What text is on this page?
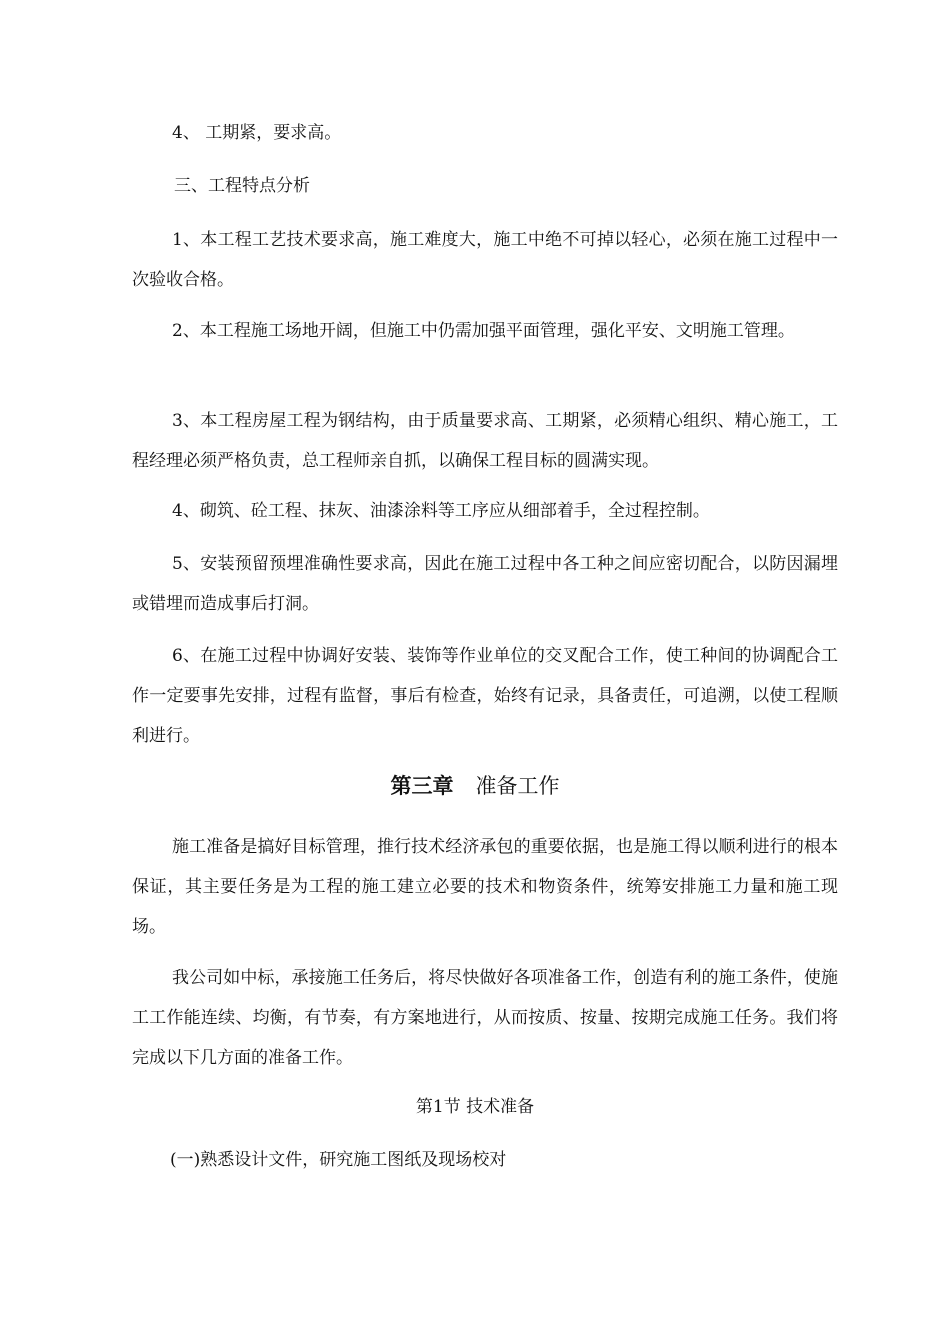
4、 工期紧，要求高。
三、工程特点分析
1、本工程工艺技术要求高，施工难度大，施工中绝不可掉以轻心，必须在施工过程中一次验收合格。
2、本工程施工场地开阔，但施工中仍需加强平面管理，强化平安、文明施工管理。
3、本工程房屋工程为钢结构，由于质量要求高、工期紧，必须精心组织、精心施工，工程经理必须严格负责，总工程师亲自抓，以确保工程目标的圆满实现。
4、砌筑、砼工程、抹灰、油漆涂料等工序应从细部着手，全过程控制。
5、安装预留预埋准确性要求高，因此在施工过程中各工种之间应密切配合，以防因漏埋或错埋而造成事后打洞。
6、在施工过程中协调好安装、装饰等作业单位的交叉配合工作，使工种间的协调配合工作一定要事先安排，过程有监督，事后有检查，始终有记录，具备责任，可追溯，以使工程顺利进行。
第三章 准备工作
施工准备是搞好目标管理，推行技术经济承包的重要依据，也是施工得以顺利进行的根本保证，其主要任务是为工程的施工建立必要的技术和物资条件，统筹安排施工力量和施工现场。
我公司如中标，承接施工任务后，将尽快做好各项准备工作，创造有利的施工条件，使施工工作能连续、均衡，有节奏，有方案地进行，从而按质、按量、按期完成施工任务。我们将完成以下几方面的准备工作。
第1节 技术准备
(一)熟悉设计文件，研究施工图纸及现场校对
